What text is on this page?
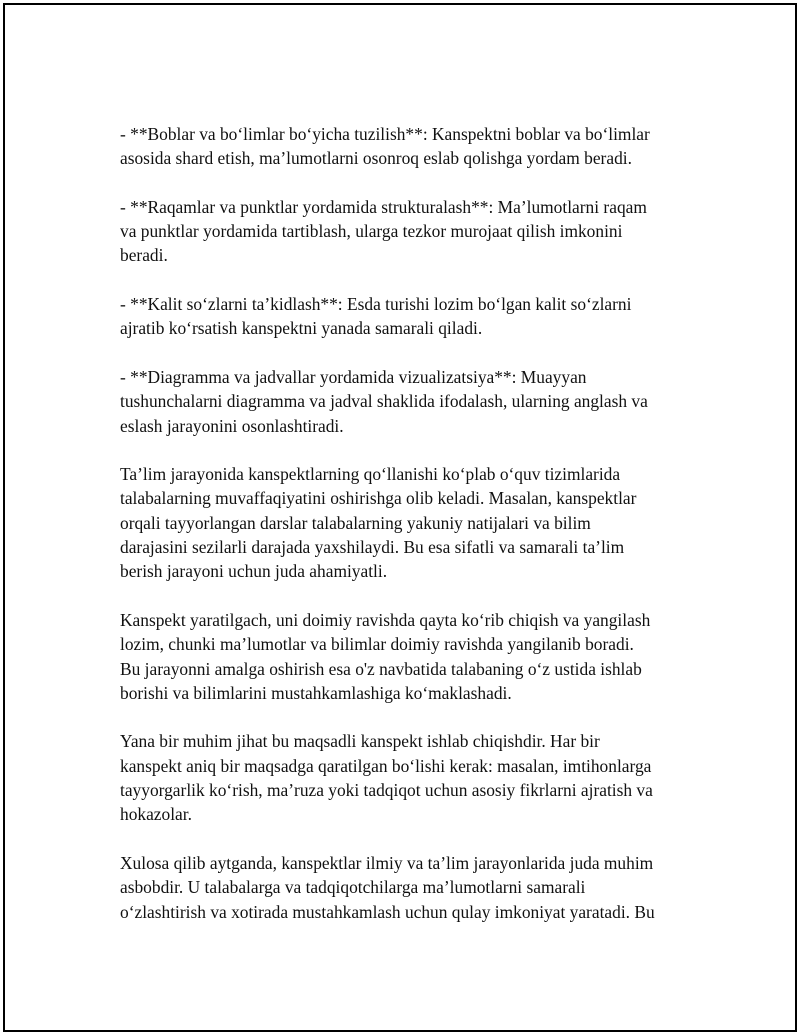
- **Boblar va bo‘limlar bo‘yicha tuzilish**: Kanspektni boblar va bo‘limlar
asosida shard etish, ma’lumotlarni osonroq eslab qolishga yordam beradi.

- **Raqamlar va punktlar yordamida strukturalash**: Ma’lumotlarni raqam
va punktlar yordamida tartiblash, ularga tezkor murojaat qilish imkonini
beradi.

- **Kalit so‘zlarni ta’kidlash**: Esda turishi lozim bo‘lgan kalit so‘zlarni
ajratib ko‘rsatish kanspektni yanada samarali qiladi.

- **Diagramma va jadvallar yordamida vizualizatsiya**: Muayyan
tushunchalarni diagramma va jadval shaklida ifodalash, ularning anglash va
eslash jarayonini osonlashtiradi.

Ta’lim jarayonida kanspektlarning qo‘llanishi ko‘plab o‘quv tizimlarida
talabalarning muvaffaqiyatini oshirishga olib keladi. Masalan, kanspektlar
orqali tayyorlangan darslar talabalarning yakuniy natijalari va bilim
darajasini sezilarli darajada yaxshilaydi. Bu esa sifatli va samarali ta’lim
berish jarayoni uchun juda ahamiyatli.

Kanspekt yaratilgach, uni doimiy ravishda qayta ko‘rib chiqish va yangilash
lozim, chunki ma’lumotlar va bilimlar doimiy ravishda yangilanib boradi.
Bu jarayonni amalga oshirish esa o'z navbatida talabaning o‘z ustida ishlab
borishi va bilimlarini mustahkamlashiga ko‘maklashadi.

Yana bir muhim jihat bu maqsadli kanspekt ishlab chiqishdir. Har bir
kanspekt aniq bir maqsadga qaratilgan bo‘lishi kerak: masalan, imtihonlarga
tayyorgarlik ko‘rish, ma’ruza yoki tadqiqot uchun asosiy fikrlarni ajratish va
hokazolar.

Xulosa qilib aytganda, kanspektlar ilmiy va ta’lim jarayonlarida juda muhim
asbobdir. U talabalarga va tadqiqotchilarga ma’lumotlarni samarali
o‘zlashtirish va xotirada mustahkamlash uchun qulay imkoniyat yaratadi. Bu
